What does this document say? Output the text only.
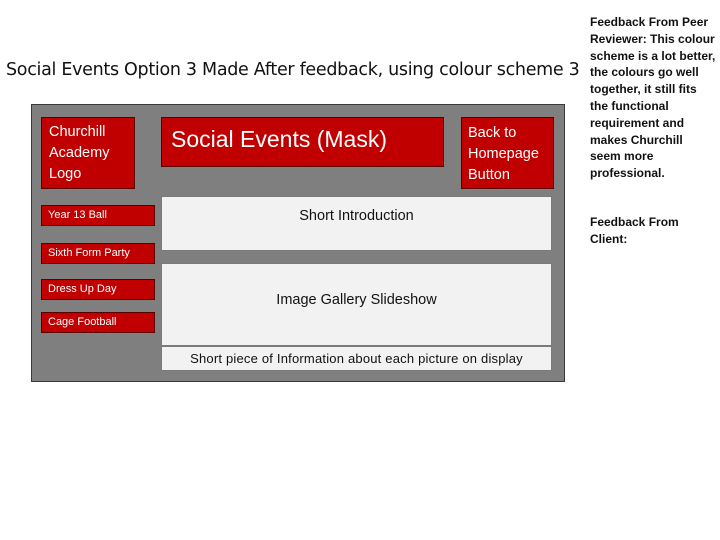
Social Events Option 3 Made After feedback, using colour scheme 3
Churchill Academy Logo
Social Events (Mask)	Back to Homepage Button
Year 13 Ball
Sixth Form Party
Dress Up Day
Cage Football
Short Introduction
Image Gallery Slideshow
Short piece of Information about each picture on display
Feedback From Peer Reviewer: This colour scheme is a lot better, the colours go well together, it still fits the functional requirement and makes Churchill seem more professional.
Feedback From Client:
